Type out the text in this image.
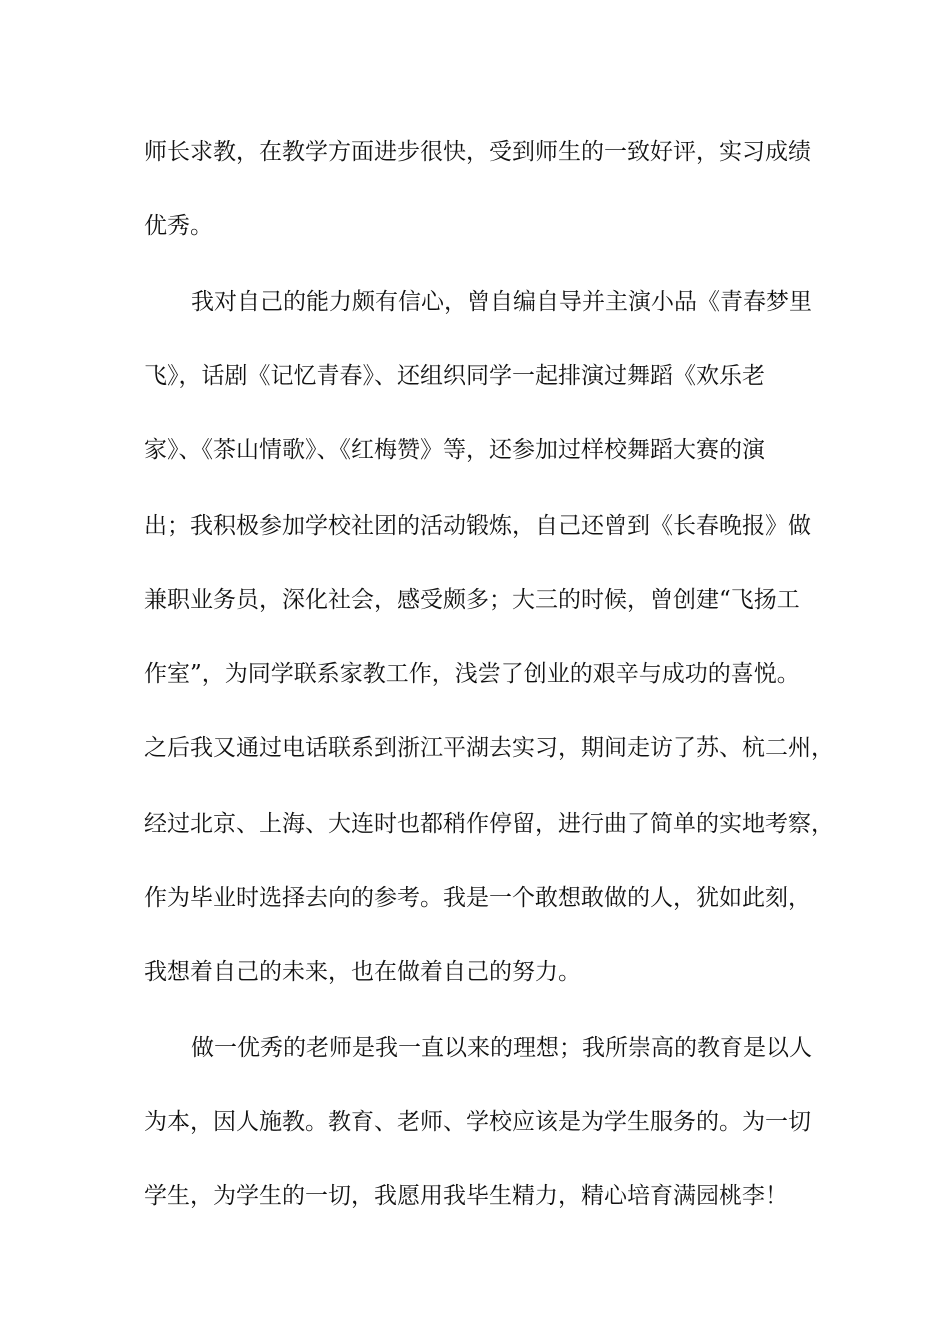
师长求教，在教学方面进步很快，受到师生的一致好评，实习成绩
优秀。
我对自己的能力颇有信心，曾自编自导并主演小品《青春梦里
飞》，话剧《记忆青春》、还组织同学一起排演过舞蹈《欢乐老
家》、《茶山情歌》、《红梅赞》等，还参加过样校舞蹈大赛的演
出；我积极参加学校社团的活动锻炼，自己还曾到《长春晚报》做
兼职业务员，深化社会，感受颇多；大三的时候，曾创建“飞扬工
作室”，为同学联系家教工作，浅尝了创业的艰辛与成功的喜悦。
之后我又通过电话联系到浙江平湖去实习，期间走访了苏、杭二州，
经过北京、上海、大连时也都稍作停留，进行曲了简单的实地考察，
作为毕业时选择去向的参考。我是一个敢想敢做的人，犹如此刻，
我想着自己的未来，也在做着自己的努力。
做一优秀的老师是我一直以来的理想；我所崇高的教育是以人
为本，因人施教。教育、老师、学校应该是为学生服务的。为一切
学生，为学生的一切，我愿用我毕生精力，精心培育满园桃李！
